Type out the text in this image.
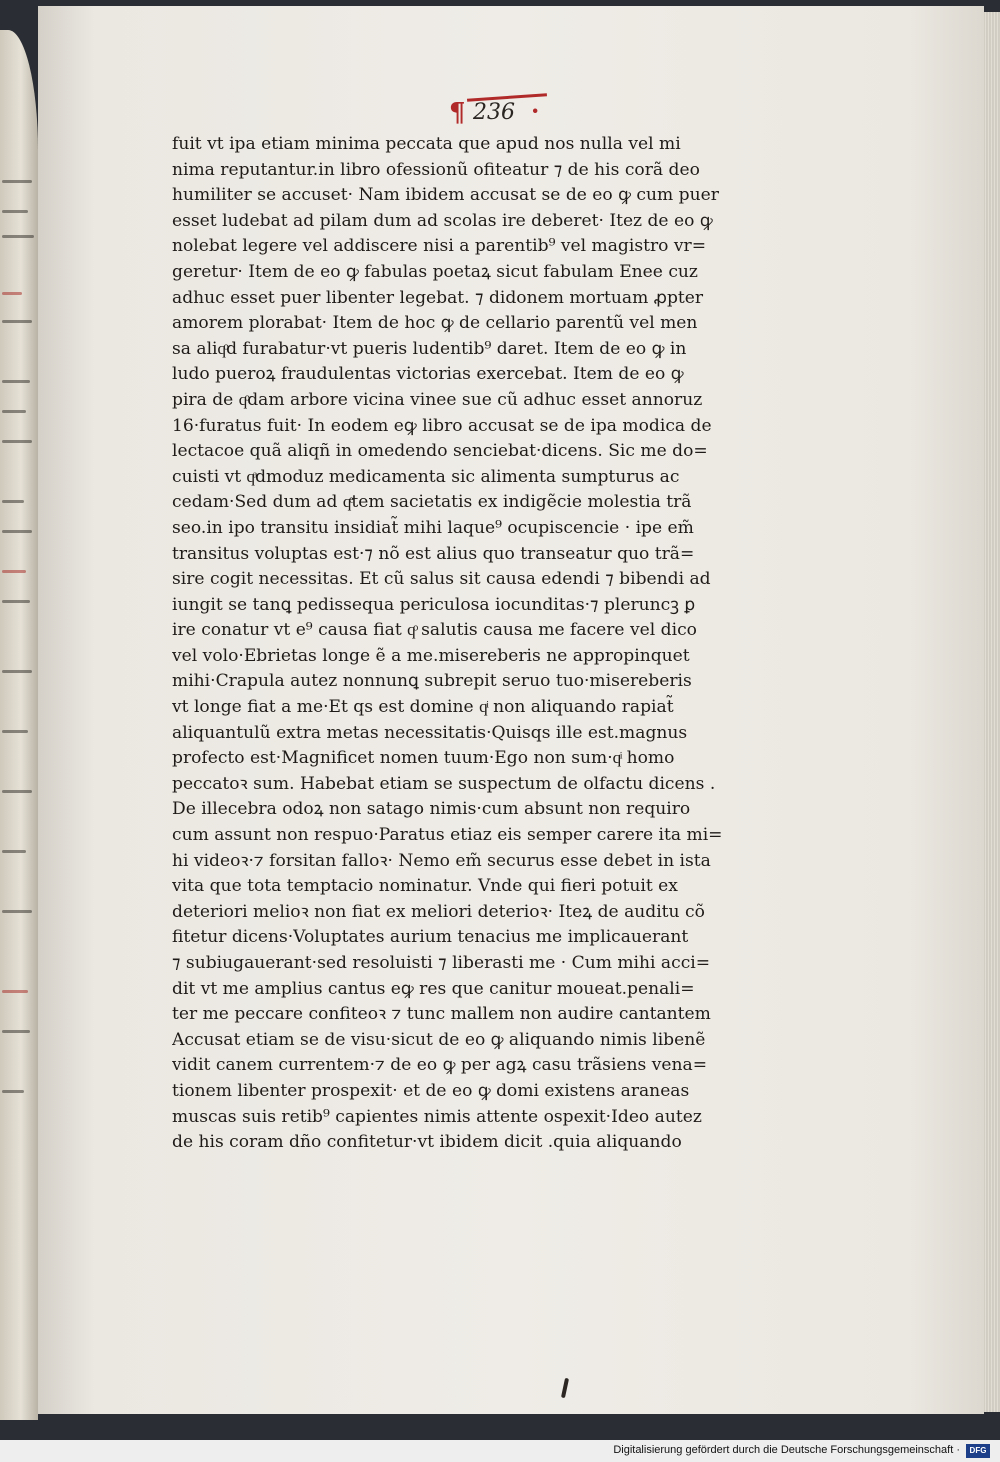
¶ 236 ·
fuit vt ipa etiam minima peccata que apud nos nulla vel mi
nima reputantur.in libro ofessionũ ofiteatur ⁊ de his corã deo
humiliter se accuset· Nam ibidem accusat se de eo ꝙ cum puer
esset ludebat ad pilam dum ad scolas ire deberet· Itez de eo ꝙ
nolebat legere vel addiscere nisi a parentib⁹ vel magistro vr=
geretur· Item de eo ꝙ fabulas poetaꝝ sicut fabulam Enee cuz
adhuc esset puer libenter legebat. ⁊ didonem mortuam ꝓpter
amorem plorabat· Item de hoc ꝙ de cellario parentũ vel men
sa aliqͦd furabatur·vt pueris ludentib⁹ daret. Item de eo ꝙ in
ludo pueroꝝ fraudulentas victorias exercebat. Item de eo ꝙ
pira de qͦdam arbore vicina vinee sue cũ adhuc esset annoruz
16·furatus fuit· In eodem eꝙ libro accusat se de ipa modica de
lectacoe quã aliqñ in omedendo senciebat·dicens. Sic me do=
cuisti vt qͣdmoduz medicamenta sic alimenta sumpturus ac
cedam·Sed dum ad qͤtem sacietatis ex indigẽcie molestia trã
seo.in ipo transitu insidiat̃ mihi laque⁹ ocupiscencie · ipe em̃
transitus voluptas est·⁊ nõ est alius quo transeatur quo trã=
sire cogit necessitas. Et cũ salus sit causa edendi ⁊ bibendi ad
iungit se tanꝗ pedissequa periculosa iocunditas·⁊ pleruncꝫ ꝑ
ire conatur vt e⁹ causa fiat qͦ salutis causa me facere vel dico
vel volo·Ebrietas longe ẽ a me.misereberis ne appropinquet
mihi·Crapula autez nonnunꝗ subrepit seruo tuo·misereberis
vt longe fiat a me·Et qs est domine qͥ non aliquando rapiat̃
aliquantulũ extra metas necessitatis·Quisqs ille est.magnus
profecto est·Magnificet nomen tuum·Ego non sum·qͥ homo
peccatoꝛ sum. Habebat etiam se suspectum de olfactu dicens .
De illecebra odoꝝ non satago nimis·cum absunt non requiro
cum assunt non respuo·Paratus etiaz eis semper carere ita mi=
hi videoꝛ·⁊ forsitan falloꝛ· Nemo em̃ securus esse debet in ista
vita que tota temptacio nominatur. Vnde qui fieri potuit ex
deteriori melioꝛ non fiat ex meliori deterioꝛ· Iteꝝ de auditu cõ
fitetur dicens·Voluptates aurium tenacius me implicauerant
⁊ subiugauerant·sed resoluisti ⁊ liberasti me · Cum mihi acci=
dit vt me amplius cantus eꝙ res que canitur moueat.penali=
ter me peccare confiteoꝛ ⁊ tunc mallem non audire cantantem
Accusat etiam se de visu·sicut de eo ꝙ aliquando nimis libenẽ
vidit canem currentem·⁊ de eo ꝙ per agꝝ casu trãsiens vena=
tionem libenter prospexit· et de eo ꝙ domi existens araneas
muscas suis retib⁹ capientes nimis attente ospexit·Ideo autez
de his coram dño confitetur·vt ibidem dicit .quia aliquando
Digitalisierung gefördert durch die Deutsche Forschungsgemeinschaft ·	DFG
